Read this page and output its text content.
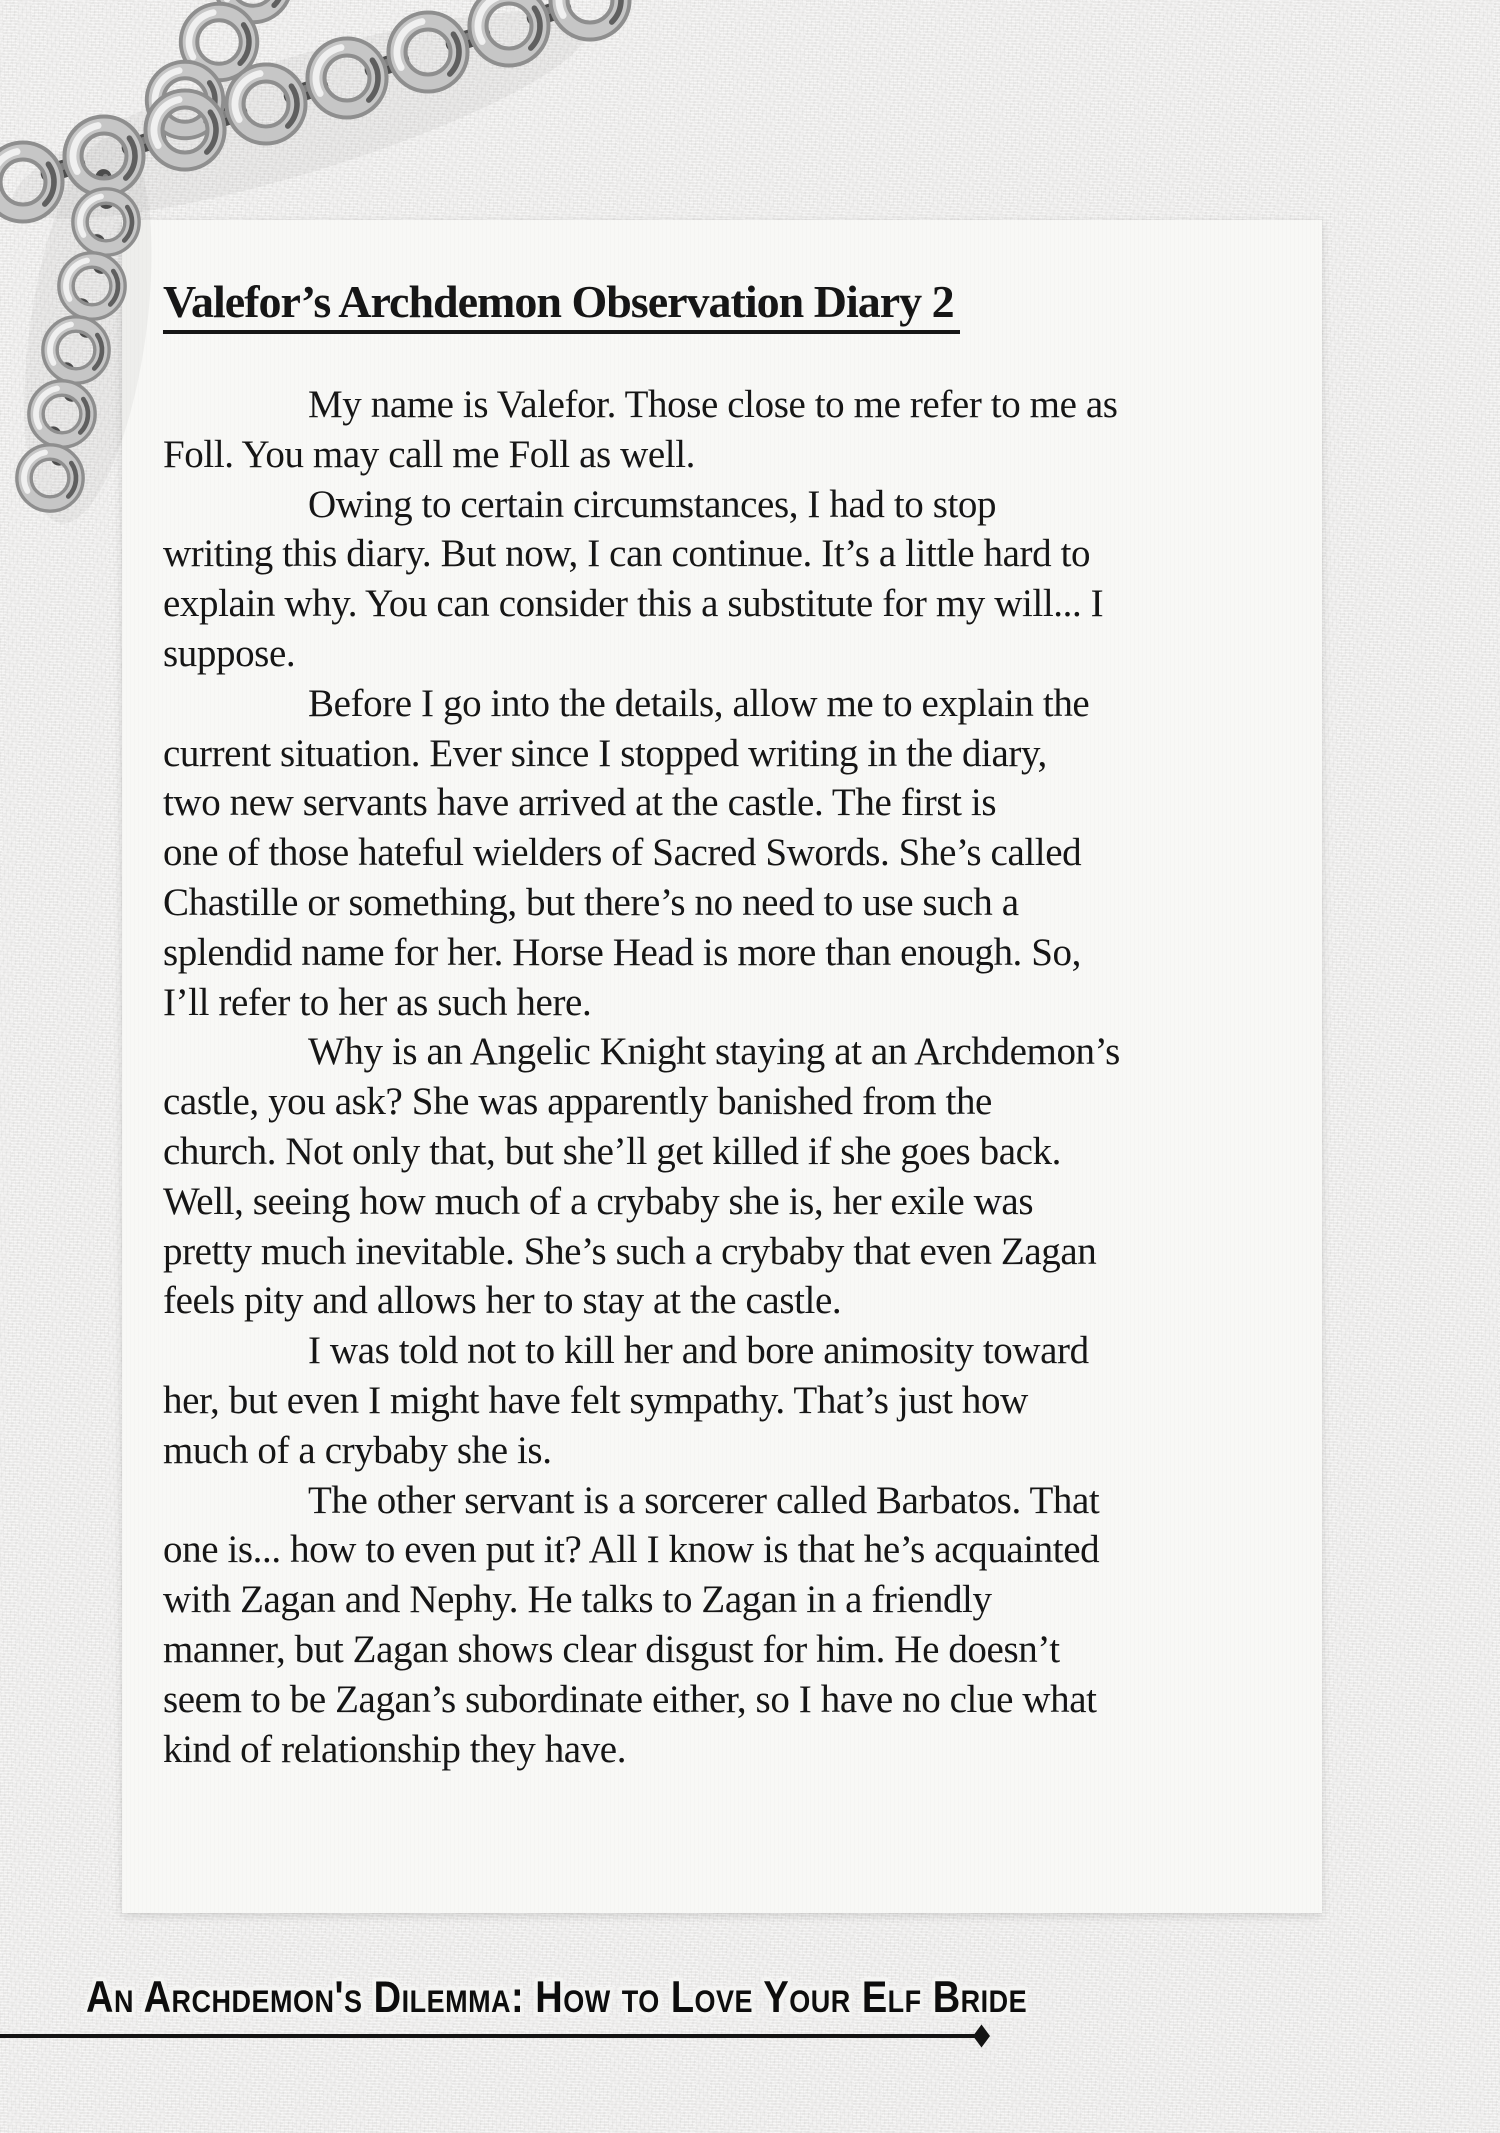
Valefor’s Archdemon Observation Diary 2
My name is Valefor. Those close to me refer to me as
Foll. You may call me Foll as well.
Owing to certain circumstances, I had to stop
writing this diary. But now, I can continue. It’s a little hard to
explain why. You can consider this a substitute for my will... I
suppose.
Before I go into the details, allow me to explain the
current situation. Ever since I stopped writing in the diary,
two new servants have arrived at the castle. The first is
one of those hateful wielders of Sacred Swords. She’s called
Chastille or something, but there’s no need to use such a
splendid name for her. Horse Head is more than enough. So,
I’ll refer to her as such here.
Why is an Angelic Knight staying at an Archdemon’s
castle, you ask? She was apparently banished from the
church. Not only that, but she’ll get killed if she goes back.
Well, seeing how much of a crybaby she is, her exile was
pretty much inevitable. She’s such a crybaby that even Zagan
feels pity and allows her to stay at the castle.
I was told not to kill her and bore animosity toward
her, but even I might have felt sympathy. That’s just how
much of a crybaby she is.
The other servant is a sorcerer called Barbatos. That
one is... how to even put it? All I know is that he’s acquainted
with Zagan and Nephy. He talks to Zagan in a friendly
manner, but Zagan shows clear disgust for him. He doesn’t
seem to be Zagan’s subordinate either, so I have no clue what
kind of relationship they have.
An Archdemon's Dilemma: How to Love Your Elf Bride
